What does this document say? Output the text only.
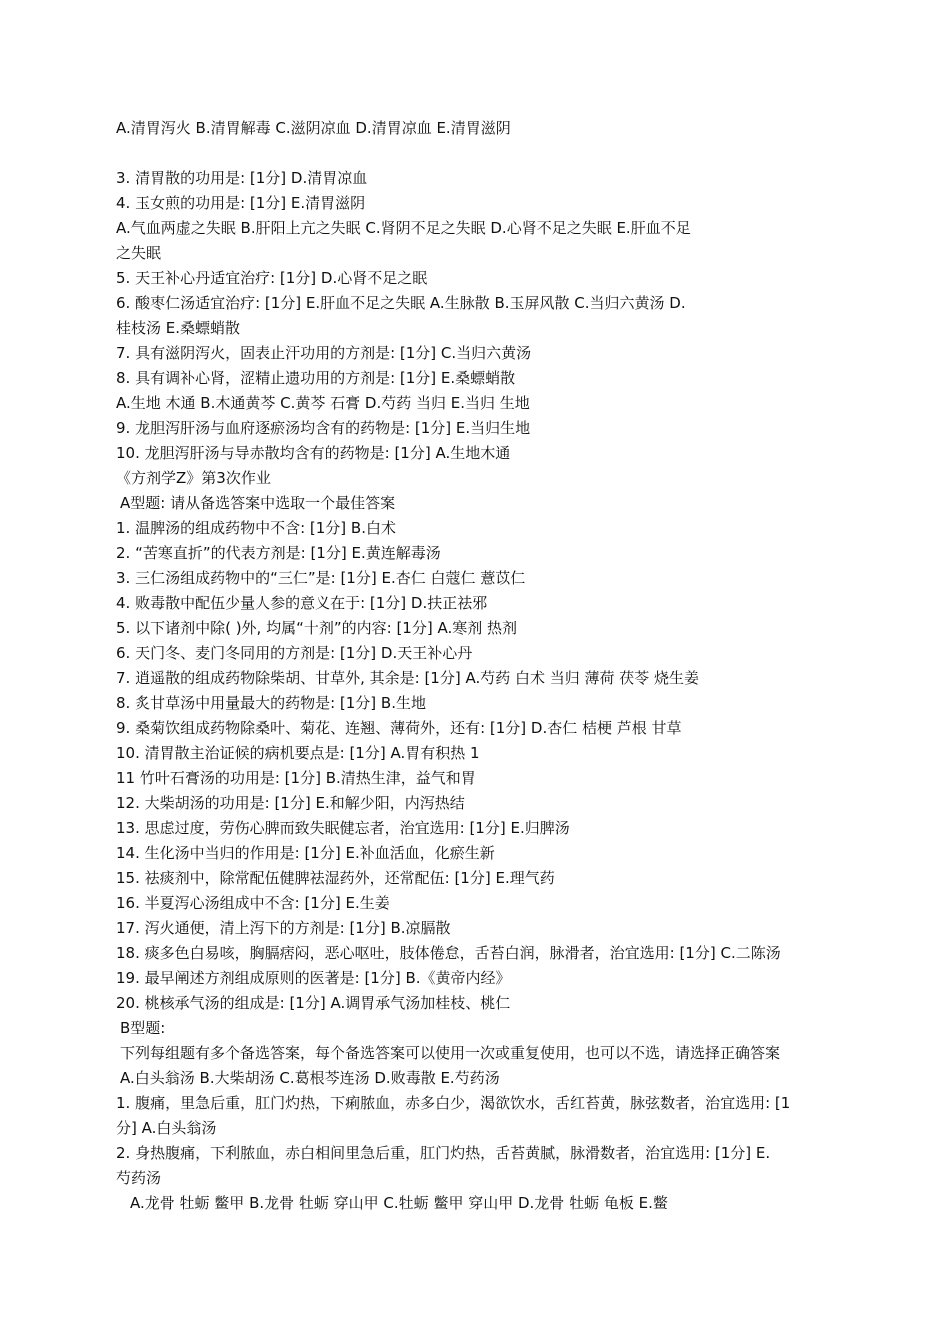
A.清胃泻火 B.清胃解毒 C.滋阴凉血 D.清胃凉血 E.清胃滋阴
3. 清胃散的功用是: [1分] D.清胃凉血
4. 玉女煎的功用是: [1分] E.清胃滋阴
A.气血两虚之失眠 B.肝阳上亢之失眠 C.肾阴不足之失眠 D.心肾不足之失眠 E.肝血不足
之失眠
5. 天王补心丹适宜治疗: [1分] D.心肾不足之眠
6. 酸枣仁汤适宜治疗: [1分] E.肝血不足之失眠 A.生脉散 B.玉屏风散 C.当归六黄汤 D.
桂枝汤 E.桑螵蛸散
7. 具有滋阴泻火，固表止汗功用的方剂是: [1分] C.当归六黄汤
8. 具有调补心肾，涩精止遗功用的方剂是: [1分] E.桑螵蛸散
A.生地 木通 B.木通黄芩 C.黄芩 石膏 D.芍药 当归 E.当归 生地
9. 龙胆泻肝汤与血府逐瘀汤均含有的药物是: [1分] E.当归生地
10. 龙胆泻肝汤与导赤散均含有的药物是: [1分] A.生地木通
《方剂学Z》第3次作业
A型题: 请从备选答案中选取一个最佳答案
1. 温脾汤的组成药物中不含: [1分] B.白术
2. “苦寒直折”的代表方剂是: [1分] E.黄连解毒汤
3. 三仁汤组成药物中的“三仁”是: [1分] E.杏仁 白蔻仁 薏苡仁
4. 败毒散中配伍少量人参的意义在于: [1分] D.扶正祛邪
5. 以下诸剂中除( )外, 均属“十剂”的内容: [1分] A.寒剂 热剂
6. 天门冬、麦门冬同用的方剂是: [1分] D.天王补心丹
7. 逍遥散的组成药物除柴胡、甘草外, 其余是: [1分] A.芍药 白术 当归 薄荷 茯苓 烧生姜
8. 炙甘草汤中用量最大的药物是: [1分] B.生地
9. 桑菊饮组成药物除桑叶、菊花、连翘、薄荷外，还有: [1分] D.杏仁 桔梗 芦根 甘草
10. 清胃散主治证候的病机要点是: [1分] A.胃有积热 1
11 竹叶石膏汤的功用是: [1分] B.清热生津，益气和胃
12. 大柴胡汤的功用是: [1分] E.和解少阳，内泻热结
13. 思虑过度，劳伤心脾而致失眠健忘者，治宜选用: [1分] E.归脾汤
14. 生化汤中当归的作用是: [1分] E.补血活血，化瘀生新
15. 祛痰剂中，除常配伍健脾祛湿药外，还常配伍: [1分] E.理气药
16. 半夏泻心汤组成中不含: [1分] E.生姜
17. 泻火通便，清上泻下的方剂是: [1分] B.凉膈散
18. 痰多色白易咳，胸膈痞闷，恶心呕吐，肢体倦怠，舌苔白润，脉滑者，治宜选用: [1分] C.二陈汤
19. 最早阐述方剂组成原则的医著是: [1分] B.《黄帝内经》
20. 桃核承气汤的组成是: [1分] A.调胃承气汤加桂枝、桃仁
B型题:
下列每组题有多个备选答案，每个备选答案可以使用一次或重复使用，也可以不选，请选择正确答案
A.白头翁汤 B.大柴胡汤 C.葛根芩连汤 D.败毒散 E.芍药汤
1. 腹痛，里急后重，肛门灼热，下痢脓血，赤多白少，渴欲饮水，舌红苔黄，脉弦数者，治宜选用: [1
分] A.白头翁汤
2. 身热腹痛，下利脓血，赤白相间里急后重，肛门灼热，舌苔黄腻，脉滑数者，治宜选用: [1分] E.
芍药汤
A.龙骨 牡蛎 鳖甲 B.龙骨 牡蛎 穿山甲 C.牡蛎 鳖甲 穿山甲 D.龙骨 牡蛎 龟板 E.鳖
